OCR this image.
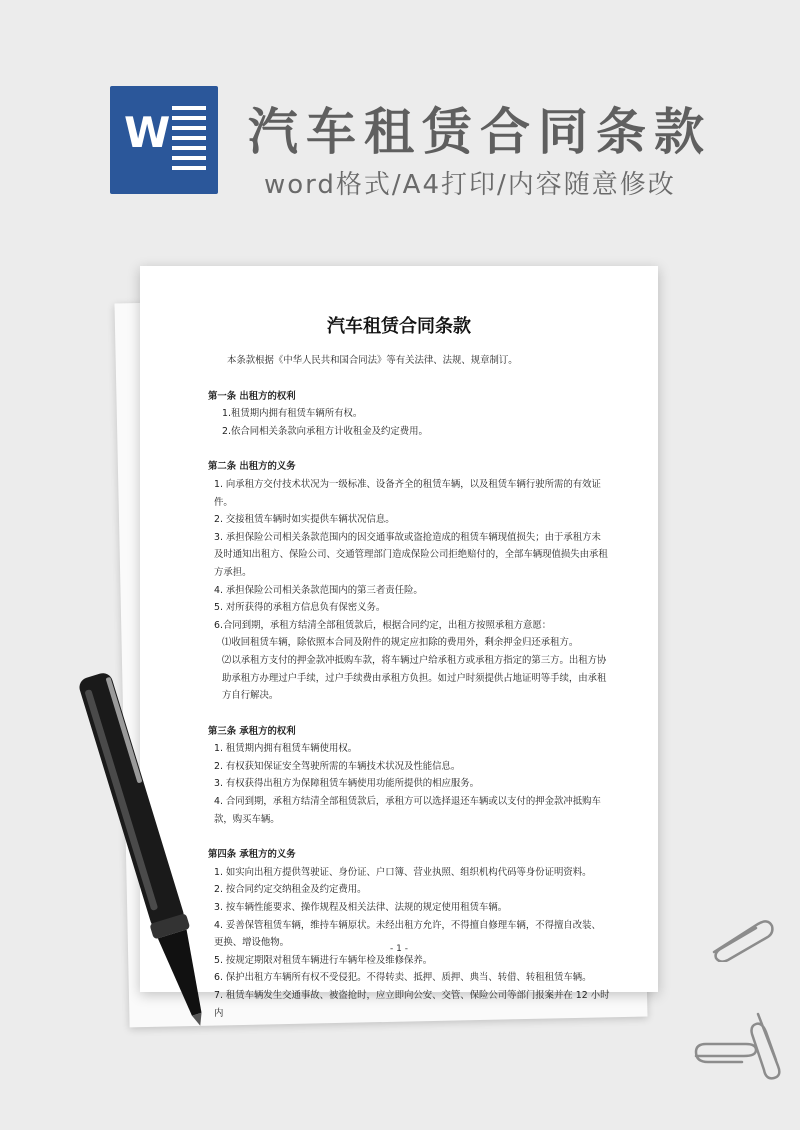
W 汽车租赁合同条款
word格式/A4打印/内容随意修改
汽车租赁合同条款

本条款根据《中华人民共和国合同法》等有关法律、法规、规章制订。

第一条 出租方的权利

1.租赁期内拥有租赁车辆所有权。

2.依合同相关条款向承租方计收租金及约定费用。

第二条 出租方的义务

1. 向承租方交付技术状况为一级标准、设备齐全的租赁车辆，以及租赁车辆行驶所需的有效证件。

2. 交接租赁车辆时如实提供车辆状况信息。

3. 承担保险公司相关条款范围内的因交通事故或盗抢造成的租赁车辆现值损失；由于承租方未及时通知出租方、保险公司、交通管理部门造成保险公司拒绝赔付的，全部车辆现值损失由承租方承担。

4. 承担保险公司相关条款范围内的第三者责任险。

5. 对所获得的承租方信息负有保密义务。

6.合同到期，承租方结清全部租赁款后，根据合同约定，出租方按照承租方意愿：

⑴收回租赁车辆，除依照本合同及附件的规定应扣除的费用外，剩余押金归还承租方。

⑵以承租方支付的押金款冲抵购车款，将车辆过户给承租方或承租方指定的第三方。出租方协助承租方办理过户手续，过户手续费由承租方负担。如过户时须提供占地证明等手续，由承租方自行解决。

第三条 承租方的权利

1. 租赁期内拥有租赁车辆使用权。

2. 有权获知保证安全驾驶所需的车辆技术状况及性能信息。

3. 有权获得出租方为保障租赁车辆使用功能所提供的相应服务。

4. 合同到期，承租方结清全部租赁款后，承租方可以选择退还车辆或以支付的押金款冲抵购车款，购买车辆。

第四条 承租方的义务

1. 如实向出租方提供驾驶证、身份证、户口簿、营业执照、组织机构代码等身份证明资料。

2. 按合同约定交纳租金及约定费用。

3. 按车辆性能要求、操作规程及相关法律、法规的规定使用租赁车辆。

4. 妥善保管租赁车辆，维持车辆原状。未经出租方允许，不得擅自修理车辆，不得擅自改装、更换、增设他物。

5. 按规定期限对租赁车辆进行车辆年检及维修保养。

6. 保护出租方车辆所有权不受侵犯。不得转卖、抵押、质押、典当、转借、转租租赁车辆。

7. 租赁车辆发生交通事故、被盗抢时，应立即向公安、交管、保险公司等部门报案并在 12 小时内

- 1 -
